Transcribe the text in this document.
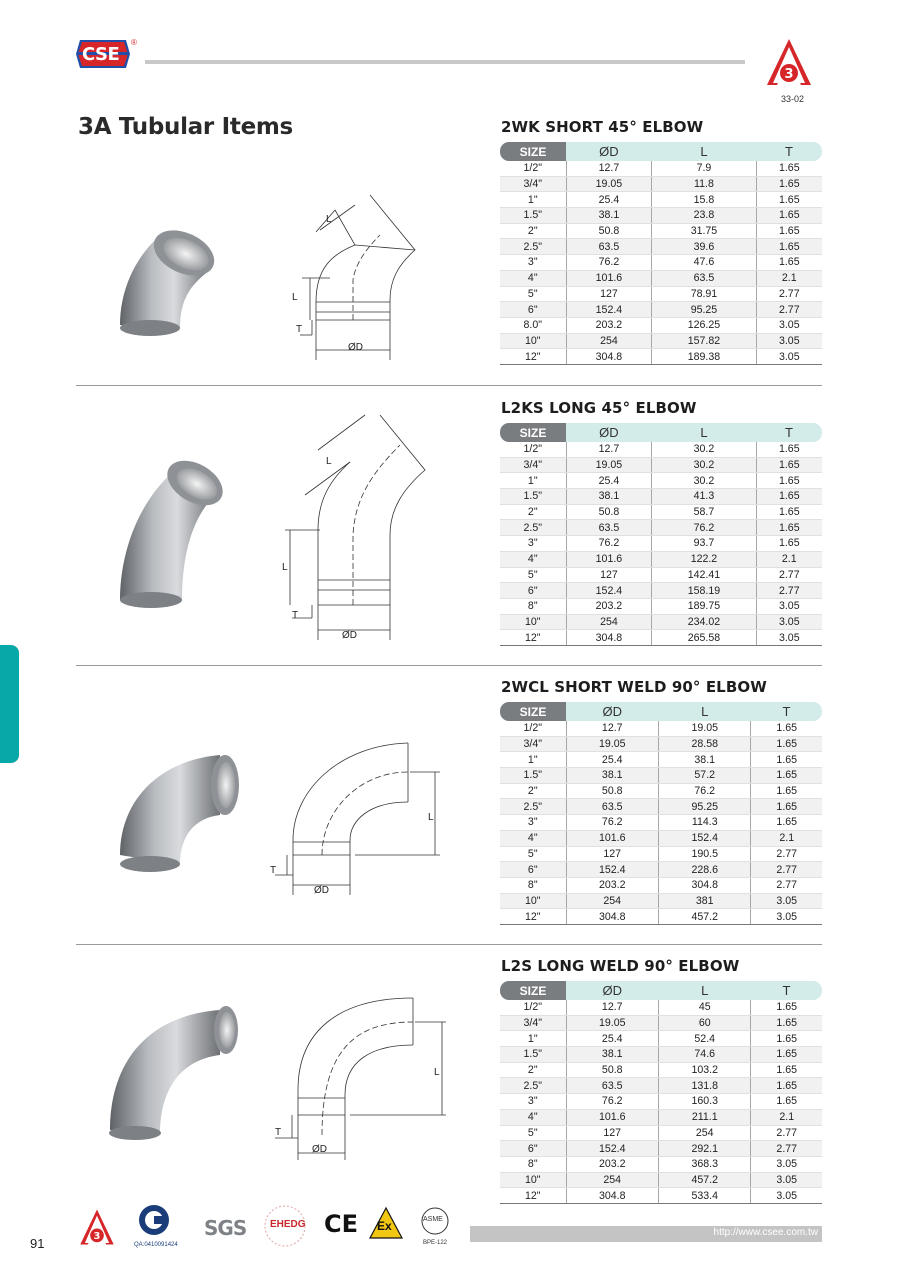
CSE
®
3
33-02
3A Tubular Items	2WK SHORT 45° ELBOW
SIZE	ØD	L	T
1/2"	12.7	7.9	1.65
3/4"	19.05	11.8	1.65
1"	25.4	15.8	1.65
1.5"	38.1	23.8	1.65
2"	50.8	31.75	1.65
2.5"	63.5	39.6	1.65
3"	76.2	47.6	1.65
4"	101.6	63.5	2.1
5"	127	78.91	2.77
6"	152.4	95.25	2.77
8.0"	203.2	126.25	3.05
10"	254	157.82	3.05
12"	304.8	189.38	3.05
L2KS LONG 45° ELBOW
SIZE	ØD	L	T
1/2"	12.7	30.2	1.65
3/4"	19.05	30.2	1.65
1"	25.4	30.2	1.65
1.5"	38.1	41.3	1.65
2"	50.8	58.7	1.65
2.5"	63.5	76.2	1.65
3"	76.2	93.7	1.65
4"	101.6	122.2	2.1
5"	127	142.41	2.77
6"	152.4	158.19	2.77
8"	203.2	189.75	3.05
10"	254	234.02	3.05
12"	304.8	265.58	3.05
2WCL SHORT WELD 90° ELBOW
SIZE	ØD	L	T
1/2"	12.7	19.05	1.65
3/4"	19.05	28.58	1.65
1"	25.4	38.1	1.65
1.5"	38.1	57.2	1.65
2"	50.8	76.2	1.65
2.5"	63.5	95.25	1.65
3"	76.2	114.3	1.65
4"	101.6	152.4	2.1
5"	127	190.5	2.77
6"	152.4	228.6	2.77
8"	203.2	304.8	2.77
10"	254	381	3.05
12"	304.8	457.2	3.05
L2S LONG WELD 90° ELBOW
SIZE	ØD	L	T
1/2"	12.7	45	1.65
3/4"	19.05	60	1.65
1"	25.4	52.4	1.65
1.5"	38.1	74.6	1.65
2"	50.8	103.2	1.65
2.5"	63.5	131.8	1.65
3"	76.2	160.3	1.65
4"	101.6	211.1	2.1
5"	127	254	2.77
6"	152.4	292.1	2.77
8"	203.2	368.3	3.05
10"	254	457.2	3.05
12"	304.8	533.4	3.05
L
T
ØD
L
L
T
ØD
L
L
T
ØD
L
T
ØD
91	3
QA:0410091424
SGS EHEDG CE Ex	ASME
BPE-122
http://www.csee.com.tw
